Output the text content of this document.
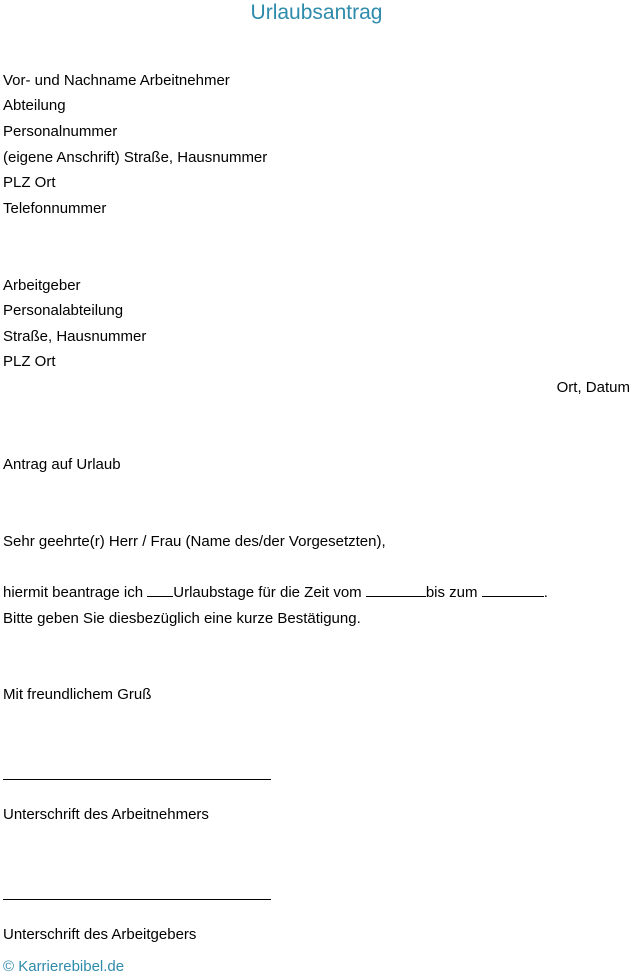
Urlaubsantrag
Vor- und Nachname Arbeitnehmer
Abteilung
Personalnummer
(eigene Anschrift) Straße, Hausnummer
PLZ Ort
Telefonnummer
Arbeitgeber
Personalabteilung
Straße, Hausnummer
PLZ Ort
Ort, Datum
Antrag auf Urlaub
Sehr geehrte(r) Herr / Frau (Name des/der Vorgesetzten),
hiermit beantrage ich Urlaubstage für die Zeit vom	bis zum	.
Bitte geben Sie diesbezüglich eine kurze Bestätigung.
Mit freundlichem Gruß
Unterschrift des Arbeitnehmers
Unterschrift des Arbeitgebers
© Karrierebibel.de
